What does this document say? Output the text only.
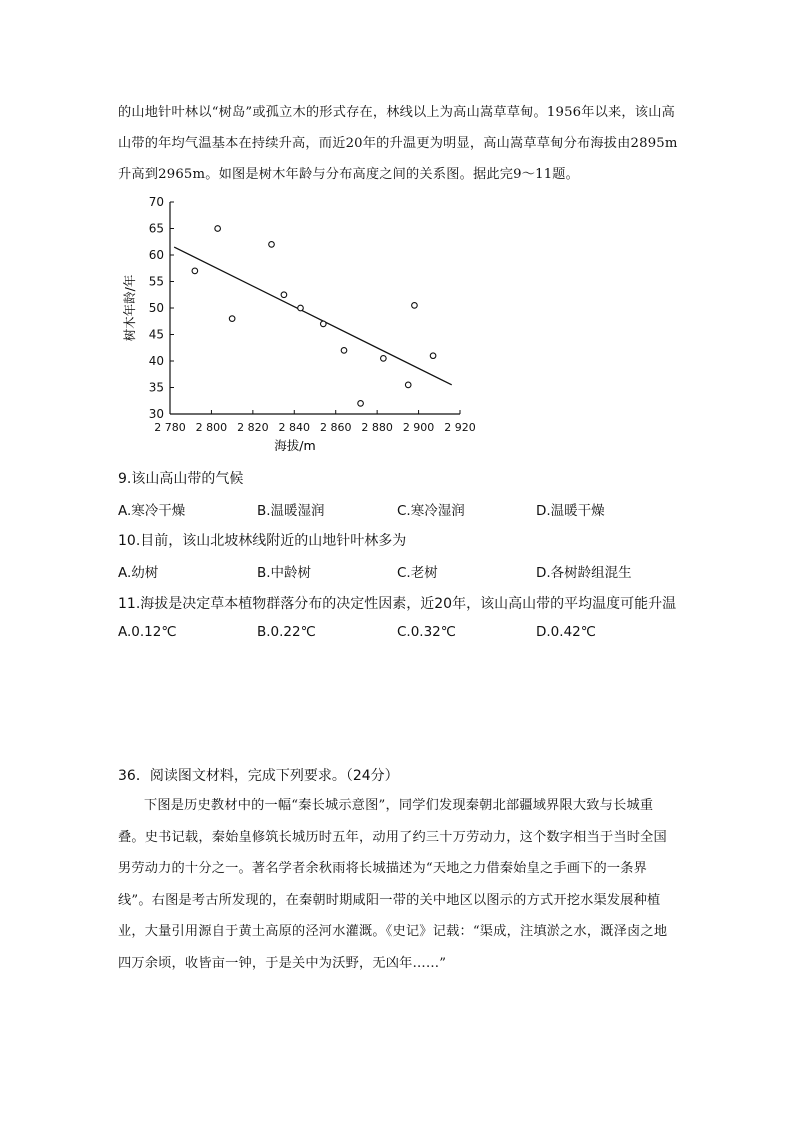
的山地针叶林以“树岛”或孤立木的形式存在，林线以上为高山嵩草草甸。1956年以来，该山高山带的年均气温基本在持续升高，而近20年的升温更为明显，高山嵩草草甸分布海拔由2895m升高到2965m。如图是树木年龄与分布高度之间的关系图。据此完9～11题。
30
35
40
45
50
55
60
65
70
2 780 2 800 2 820 2 840 2 860 2 880 2 900 2 920
树木年龄/年
海拔/m
9.该山高山带的气候
A.寒冷干燥	B.温暖湿润	C.寒冷湿润	D.温暖干燥
10.目前，该山北坡林线附近的山地针叶林多为
A.幼树	B.中龄树	C.老树	D.各树龄组混生
11.海拔是决定草本植物群落分布的决定性因素，近20年，该山高山带的平均温度可能升温
A.0.12℃	B.0.22℃	C.0.32℃	D.0.42℃
36．阅读图文材料，完成下列要求。（24分）
下图是历史教材中的一幅“秦长城示意图”，同学们发现秦朝北部疆域界限大致与长城重叠。史书记载，秦始皇修筑长城历时五年，动用了约三十万劳动力，这个数字相当于当时全国男劳动力的十分之一。著名学者余秋雨将长城描述为“天地之力借秦始皇之手画下的一条界线”。右图是考古所发现的，在秦朝时期咸阳一带的关中地区以图示的方式开挖水渠发展种植业，大量引用源自于黄土高原的泾河水灌溉。《史记》记载：“渠成，注填淤之水，溉泽卤之地四万余顷，收皆亩一钟，于是关中为沃野，无凶年……”
